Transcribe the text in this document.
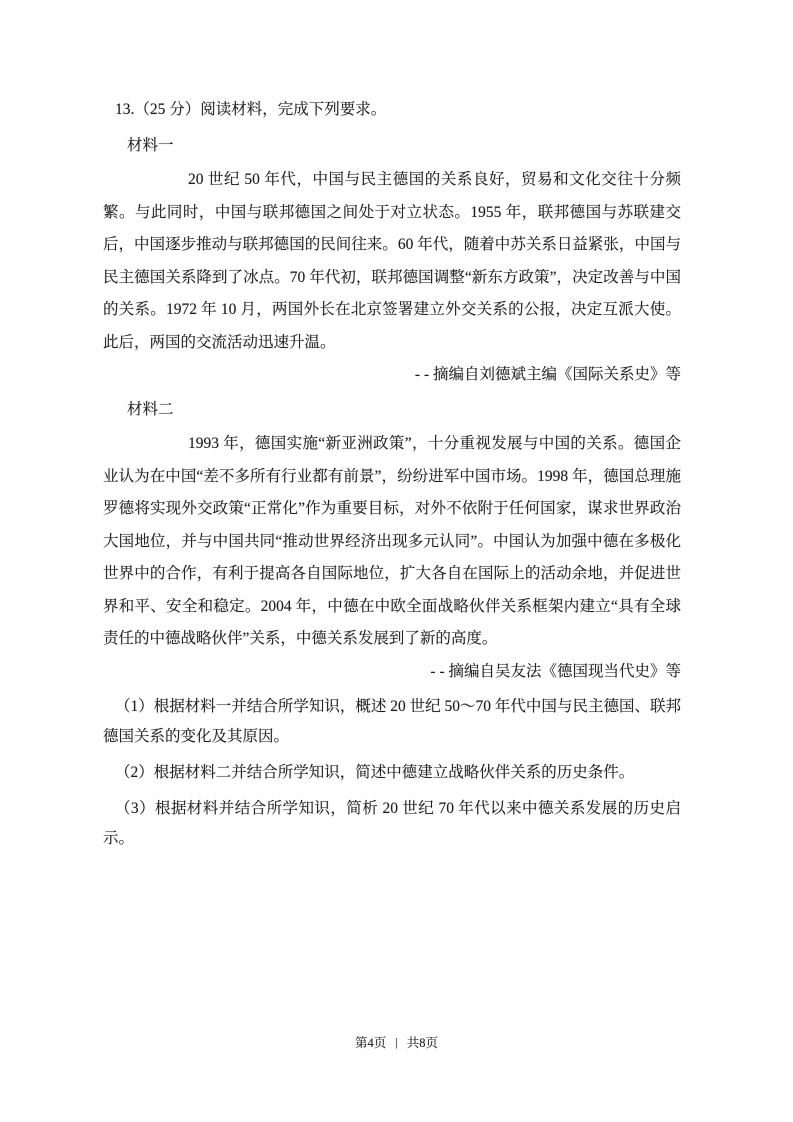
13.（25 分）阅读材料，完成下列要求。

材料一

20 世纪 50 年代，中国与民主德国的关系良好，贸易和文化交往十分频繁。与此同时，中国与联邦德国之间处于对立状态。1955 年，联邦德国与苏联建交后，中国逐步推动与联邦德国的民间往来。60 年代，随着中苏关系日益紧张，中国与民主德国关系降到了冰点。70 年代初，联邦德国调整“新东方政策”，决定改善与中国的关系。1972 年 10 月，两国外长在北京签署建立外交关系的公报，决定互派大使。此后，两国的交流活动迅速升温。

- - 摘编自刘德斌主编《国际关系史》等

材料二

1993 年，德国实施“新亚洲政策”，十分重视发展与中国的关系。德国企业认为在中国“差不多所有行业都有前景”，纷纷进军中国市场。1998 年，德国总理施罗德将实现外交政策“正常化”作为重要目标，对外不依附于任何国家，谋求世界政治大国地位，并与中国共同“推动世界经济出现多元认同”。中国认为加强中德在多极化世界中的合作，有利于提高各自国际地位，扩大各自在国际上的活动余地，并促进世界和平、安全和稳定。2004 年，中德在中欧全面战略伙伴关系框架内建立“具有全球责任的中德战略伙伴”关系，中德关系发展到了新的高度。

- - 摘编自吴友法《德国现当代史》等

（1）根据材料一并结合所学知识，概述 20 世纪 50～70 年代中国与民主德国、联邦德国关系的变化及其原因。

（2）根据材料二并结合所学知识，简述中德建立战略伙伴关系的历史条件。

（3）根据材料并结合所学知识，简析 20 世纪 70 年代以来中德关系发展的历史启示。

第4页 | 共8页
